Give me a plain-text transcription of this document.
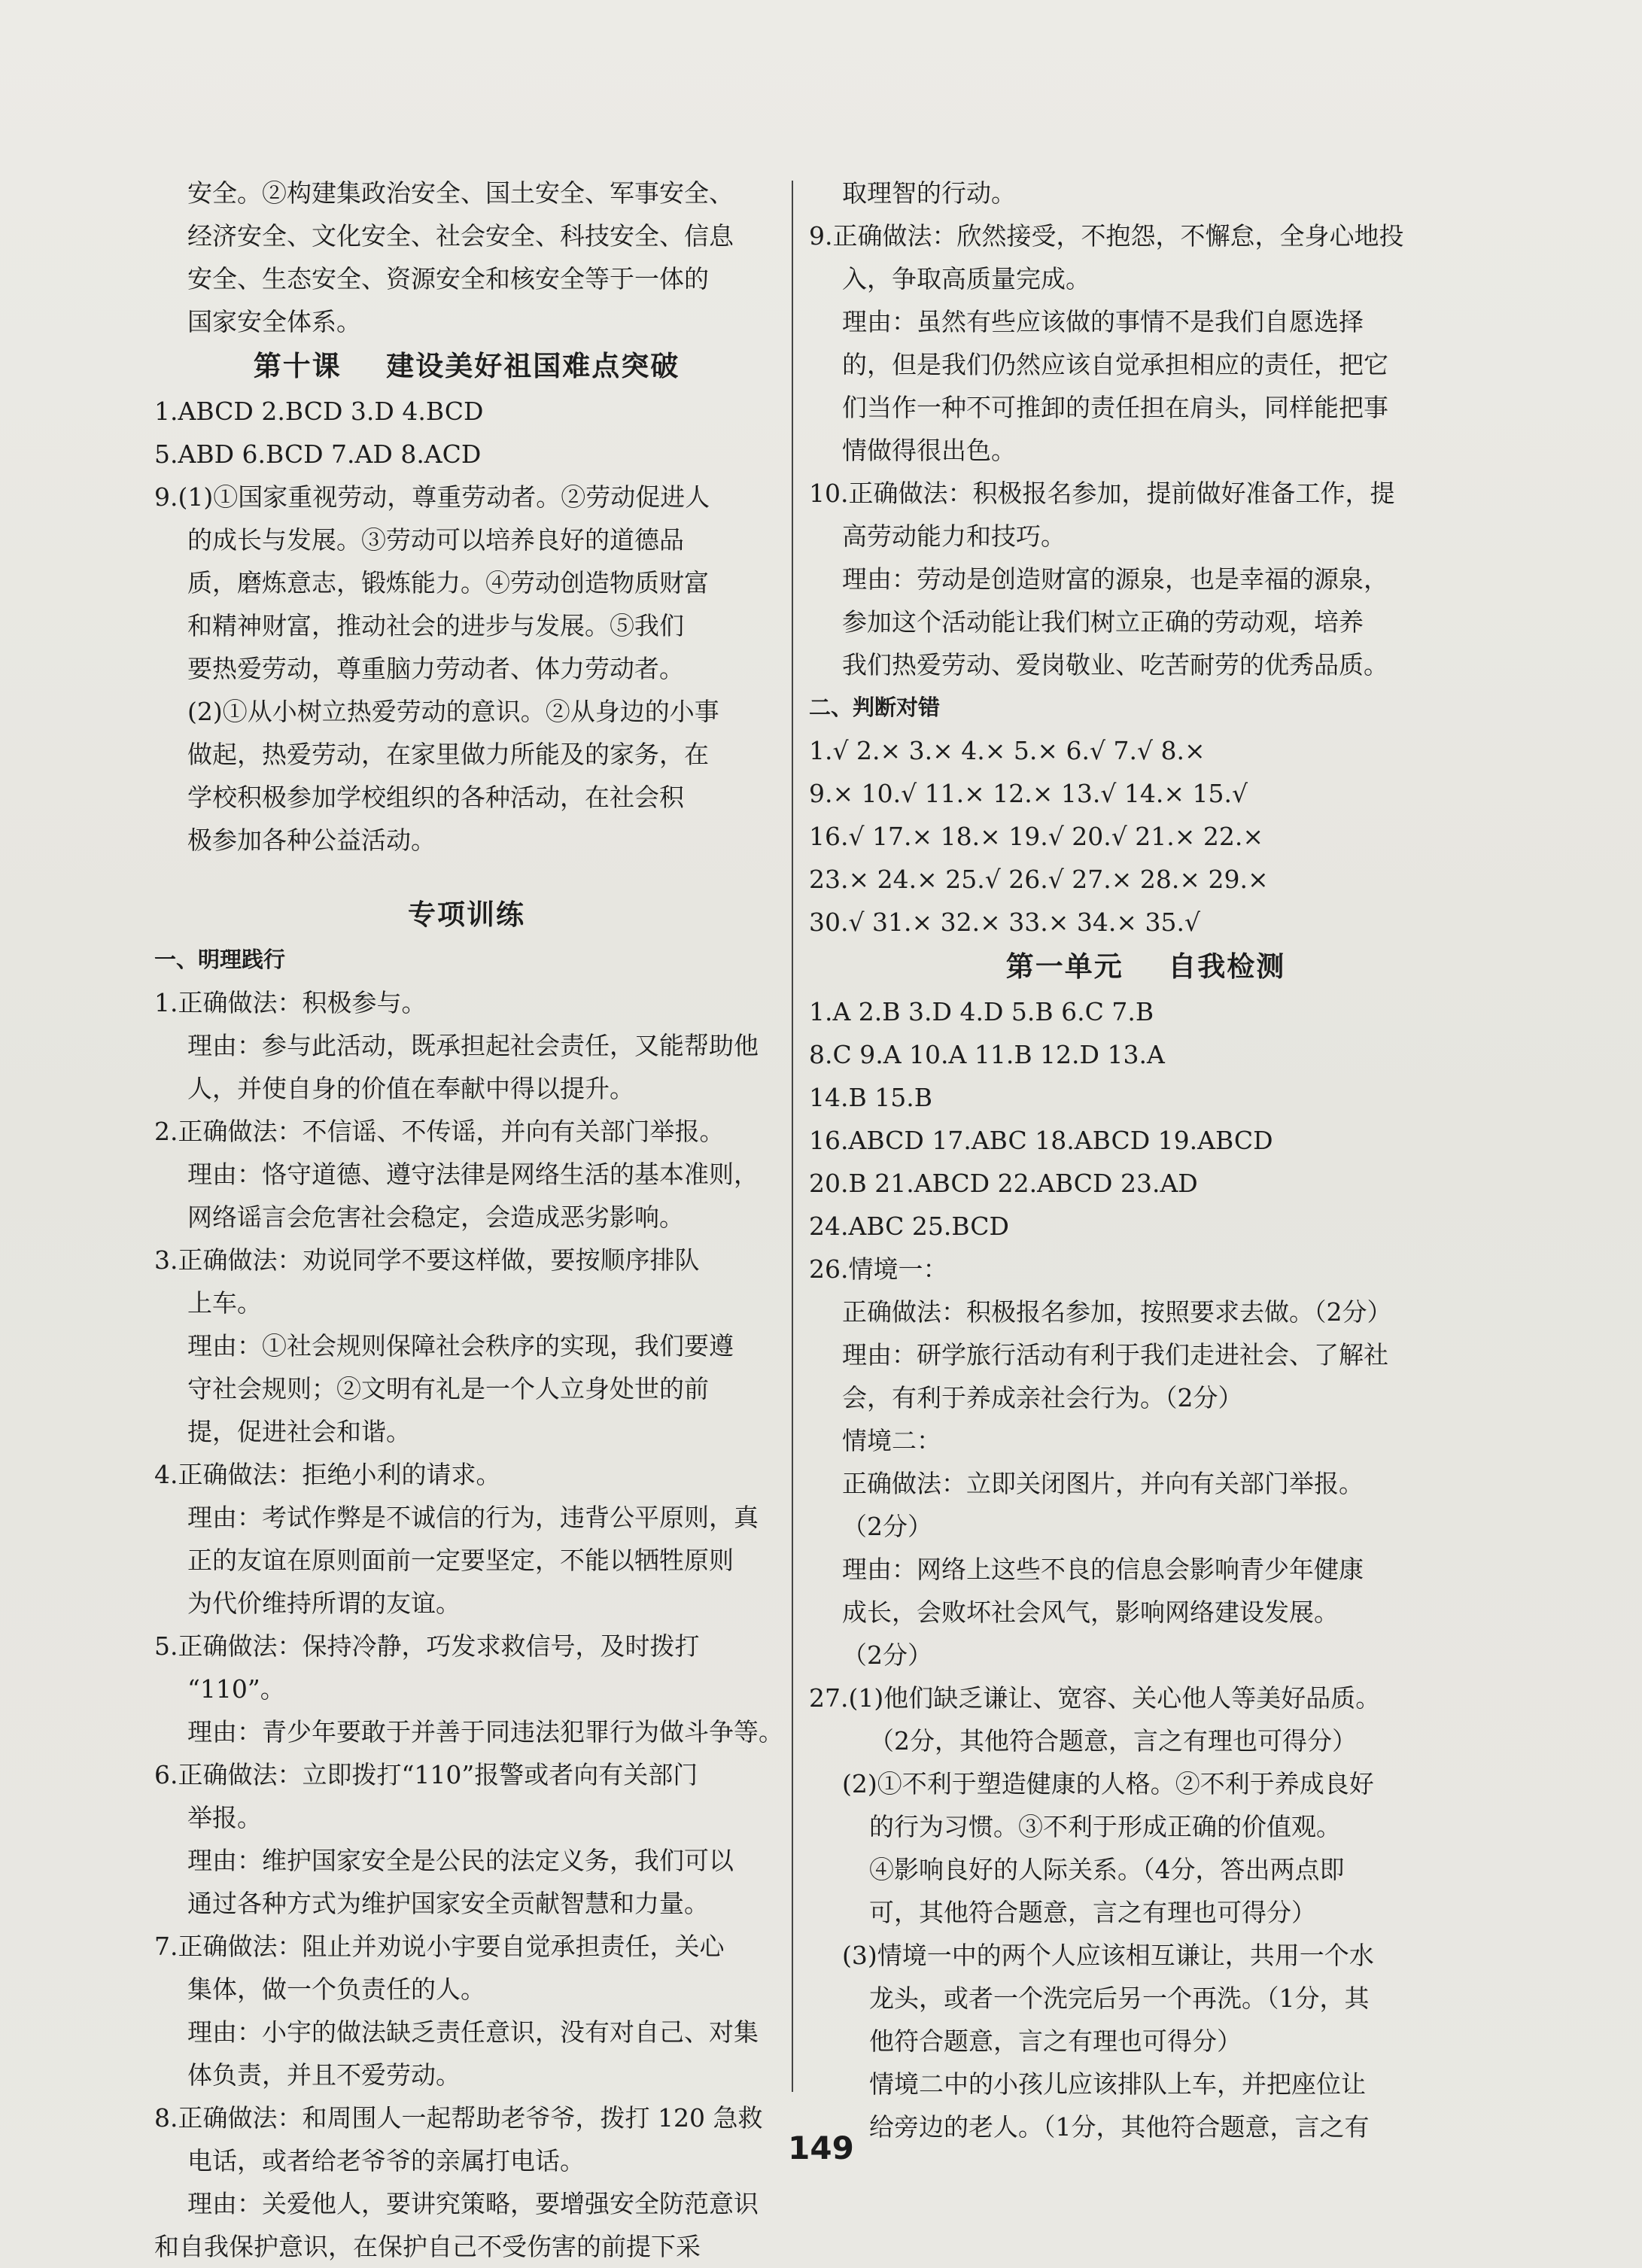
安全。②构建集政治安全、国土安全、军事安全、
经济安全、文化安全、社会安全、科技安全、信息
安全、生态安全、资源安全和核安全等于一体的
国家安全体系。
第十课    建设美好祖国难点突破
1.ABCD 2.BCD 3.D 4.BCD
5.ABD 6.BCD 7.AD 8.ACD
9.(1)①国家重视劳动，尊重劳动者。②劳动促进人
的成长与发展。③劳动可以培养良好的道德品
质，磨炼意志，锻炼能力。④劳动创造物质财富
和精神财富，推动社会的进步与发展。⑤我们
要热爱劳动，尊重脑力劳动者、体力劳动者。
(2)①从小树立热爱劳动的意识。②从身边的小事
做起，热爱劳动，在家里做力所能及的家务，在
学校积极参加学校组织的各种活动，在社会积
极参加各种公益活动。
专项训练
一、明理践行
1.正确做法：积极参与。
理由：参与此活动，既承担起社会责任，又能帮助他
人，并使自身的价值在奉献中得以提升。
2.正确做法：不信谣、不传谣，并向有关部门举报。
理由：恪守道德、遵守法律是网络生活的基本准则，
网络谣言会危害社会稳定，会造成恶劣影响。
3.正确做法：劝说同学不要这样做，要按顺序排队
上车。
理由：①社会规则保障社会秩序的实现，我们要遵
守社会规则；②文明有礼是一个人立身处世的前
提，促进社会和谐。
4.正确做法：拒绝小利的请求。
理由：考试作弊是不诚信的行为，违背公平原则，真
正的友谊在原则面前一定要坚定，不能以牺牲原则
为代价维持所谓的友谊。
5.正确做法：保持冷静，巧发求救信号，及时拨打
“110”。
理由：青少年要敢于并善于同违法犯罪行为做斗争等。
6.正确做法：立即拨打“110”报警或者向有关部门
举报。
理由：维护国家安全是公民的法定义务，我们可以
通过各种方式为维护国家安全贡献智慧和力量。
7.正确做法：阻止并劝说小宇要自觉承担责任，关心
集体，做一个负责任的人。
理由：小宇的做法缺乏责任意识，没有对自己、对集
体负责，并且不爱劳动。
8.正确做法：和周围人一起帮助老爷爷，拨打 120 急救
电话，或者给老爷爷的亲属打电话。
理由：关爱他人，要讲究策略，要增强安全防范意识
和自我保护意识，在保护自己不受伤害的前提下采
取理智的行动。
9.正确做法：欣然接受，不抱怨，不懈怠，全身心地投
入，争取高质量完成。
理由：虽然有些应该做的事情不是我们自愿选择
的，但是我们仍然应该自觉承担相应的责任，把它
们当作一种不可推卸的责任担在肩头，同样能把事
情做得很出色。
10.正确做法：积极报名参加，提前做好准备工作，提
高劳动能力和技巧。
理由：劳动是创造财富的源泉，也是幸福的源泉，
参加这个活动能让我们树立正确的劳动观，培养
我们热爱劳动、爱岗敬业、吃苦耐劳的优秀品质。
二、判断对错
1.√ 2.× 3.× 4.× 5.× 6.√ 7.√ 8.×
9.× 10.√ 11.× 12.× 13.√ 14.× 15.√
16.√ 17.× 18.× 19.√ 20.√ 21.× 22.×
23.× 24.× 25.√ 26.√ 27.× 28.× 29.×
30.√ 31.× 32.× 33.× 34.× 35.√
第一单元    自我检测
1.A 2.B 3.D 4.D 5.B 6.C 7.B
8.C 9.A 10.A 11.B 12.D 13.A
14.B 15.B
16.ABCD 17.ABC 18.ABCD 19.ABCD
20.B 21.ABCD 22.ABCD 23.AD
24.ABC 25.BCD
26.情境一：
正确做法：积极报名参加，按照要求去做。（2分）
理由：研学旅行活动有利于我们走进社会、了解社
会，有利于养成亲社会行为。（2分）
情境二：
正确做法：立即关闭图片，并向有关部门举报。
（2分）
理由：网络上这些不良的信息会影响青少年健康
成长，会败坏社会风气，影响网络建设发展。
（2分）
27.(1)他们缺乏谦让、宽容、关心他人等美好品质。
（2分，其他符合题意，言之有理也可得分）
(2)①不利于塑造健康的人格。②不利于养成良好
的行为习惯。③不利于形成正确的价值观。
④影响良好的人际关系。（4分，答出两点即
可，其他符合题意，言之有理也可得分）
(3)情境一中的两个人应该相互谦让，共用一个水
龙头，或者一个洗完后另一个再洗。（1分，其
他符合题意，言之有理也可得分）
情境二中的小孩儿应该排队上车，并把座位让
给旁边的老人。（1分，其他符合题意，言之有
149
